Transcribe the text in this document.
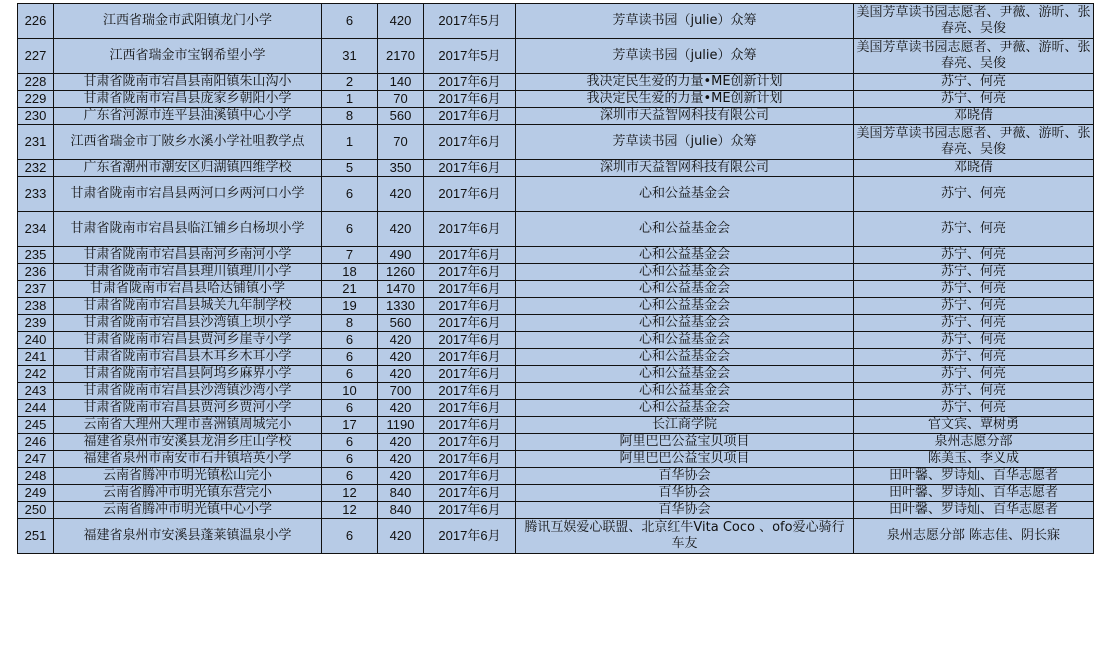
226	江西省瑞金市武阳镇龙门小学	6	420	2017年5月	芳草读书园（julie）众筹	美国芳草读书园志愿者、尹薇、游昕、张春亮、吴俊
227	江西省瑞金市宝钢希望小学	31	2170	2017年5月	芳草读书园（julie）众筹	美国芳草读书园志愿者、尹薇、游昕、张春亮、吴俊
228	甘肃省陇南市宕昌县南阳镇朱山沟小	2	140	2017年6月	我决定民生爱的力量•ME创新计划	苏宁、何亮
229	甘肃省陇南市宕昌县庞家乡朝阳小学	1	70	2017年6月	我决定民生爱的力量•ME创新计划	苏宁、何亮
230	广东省河源市连平县油溪镇中心小学	8	560	2017年6月	深圳市天益智网科技有限公司	邓晓倩
231	江西省瑞金市丁陂乡水溪小学社咀教学点	1	70	2017年6月	芳草读书园（julie）众筹	美国芳草读书园志愿者、尹薇、游昕、张春亮、吴俊
232	广东省潮州市潮安区归湖镇四维学校	5	350	2017年6月	深圳市天益智网科技有限公司	邓晓倩
233	甘肃省陇南市宕昌县两河口乡两河口小学	6	420	2017年6月	心和公益基金会	苏宁、何亮
234	甘肃省陇南市宕昌县临江铺乡白杨坝小学	6	420	2017年6月	心和公益基金会	苏宁、何亮
235	甘肃省陇南市宕昌县南河乡南河小学	7	490	2017年6月	心和公益基金会	苏宁、何亮
236	甘肃省陇南市宕昌县理川镇理川小学	18	1260	2017年6月	心和公益基金会	苏宁、何亮
237	甘肃省陇南市宕昌县哈达铺镇小学	21	1470	2017年6月	心和公益基金会	苏宁、何亮
238	甘肃省陇南市宕昌县城关九年制学校	19	1330	2017年6月	心和公益基金会	苏宁、何亮
239	甘肃省陇南市宕昌县沙湾镇上坝小学	8	560	2017年6月	心和公益基金会	苏宁、何亮
240	甘肃省陇南市宕昌县贾河乡崖寺小学	6	420	2017年6月	心和公益基金会	苏宁、何亮
241	甘肃省陇南市宕昌县木耳乡木耳小学	6	420	2017年6月	心和公益基金会	苏宁、何亮
242	甘肃省陇南市宕昌县阿坞乡麻界小学	6	420	2017年6月	心和公益基金会	苏宁、何亮
243	甘肃省陇南市宕昌县沙湾镇沙湾小学	10	700	2017年6月	心和公益基金会	苏宁、何亮
244	甘肃省陇南市宕昌县贾河乡贾河小学	6	420	2017年6月	心和公益基金会	苏宁、何亮
245	云南省大理州大理市喜洲镇周城完小	17	1190	2017年6月	长江商学院	官文宾、覃树勇
246	福建省泉州市安溪县龙涓乡庄山学校	6	420	2017年6月	阿里巴巴公益宝贝项目	泉州志愿分部
247	福建省泉州市南安市石井镇培英小学	6	420	2017年6月	阿里巴巴公益宝贝项目	陈美玉、李义成
248	云南省腾冲市明光镇松山完小	6	420	2017年6月	百华协会	田叶馨、罗诗灿、百华志愿者
249	云南省腾冲市明光镇东营完小	12	840	2017年6月	百华协会	田叶馨、罗诗灿、百华志愿者
250	云南省腾冲市明光镇中心小学	12	840	2017年6月	百华协会	田叶馨、罗诗灿、百华志愿者
251	福建省泉州市安溪县蓬莱镇温泉小学	6	420	2017年6月	腾讯互娱爱心联盟、北京红牛Vita Coco 、ofo爱心骑行车友	泉州志愿分部 陈志佳、阴长寐
